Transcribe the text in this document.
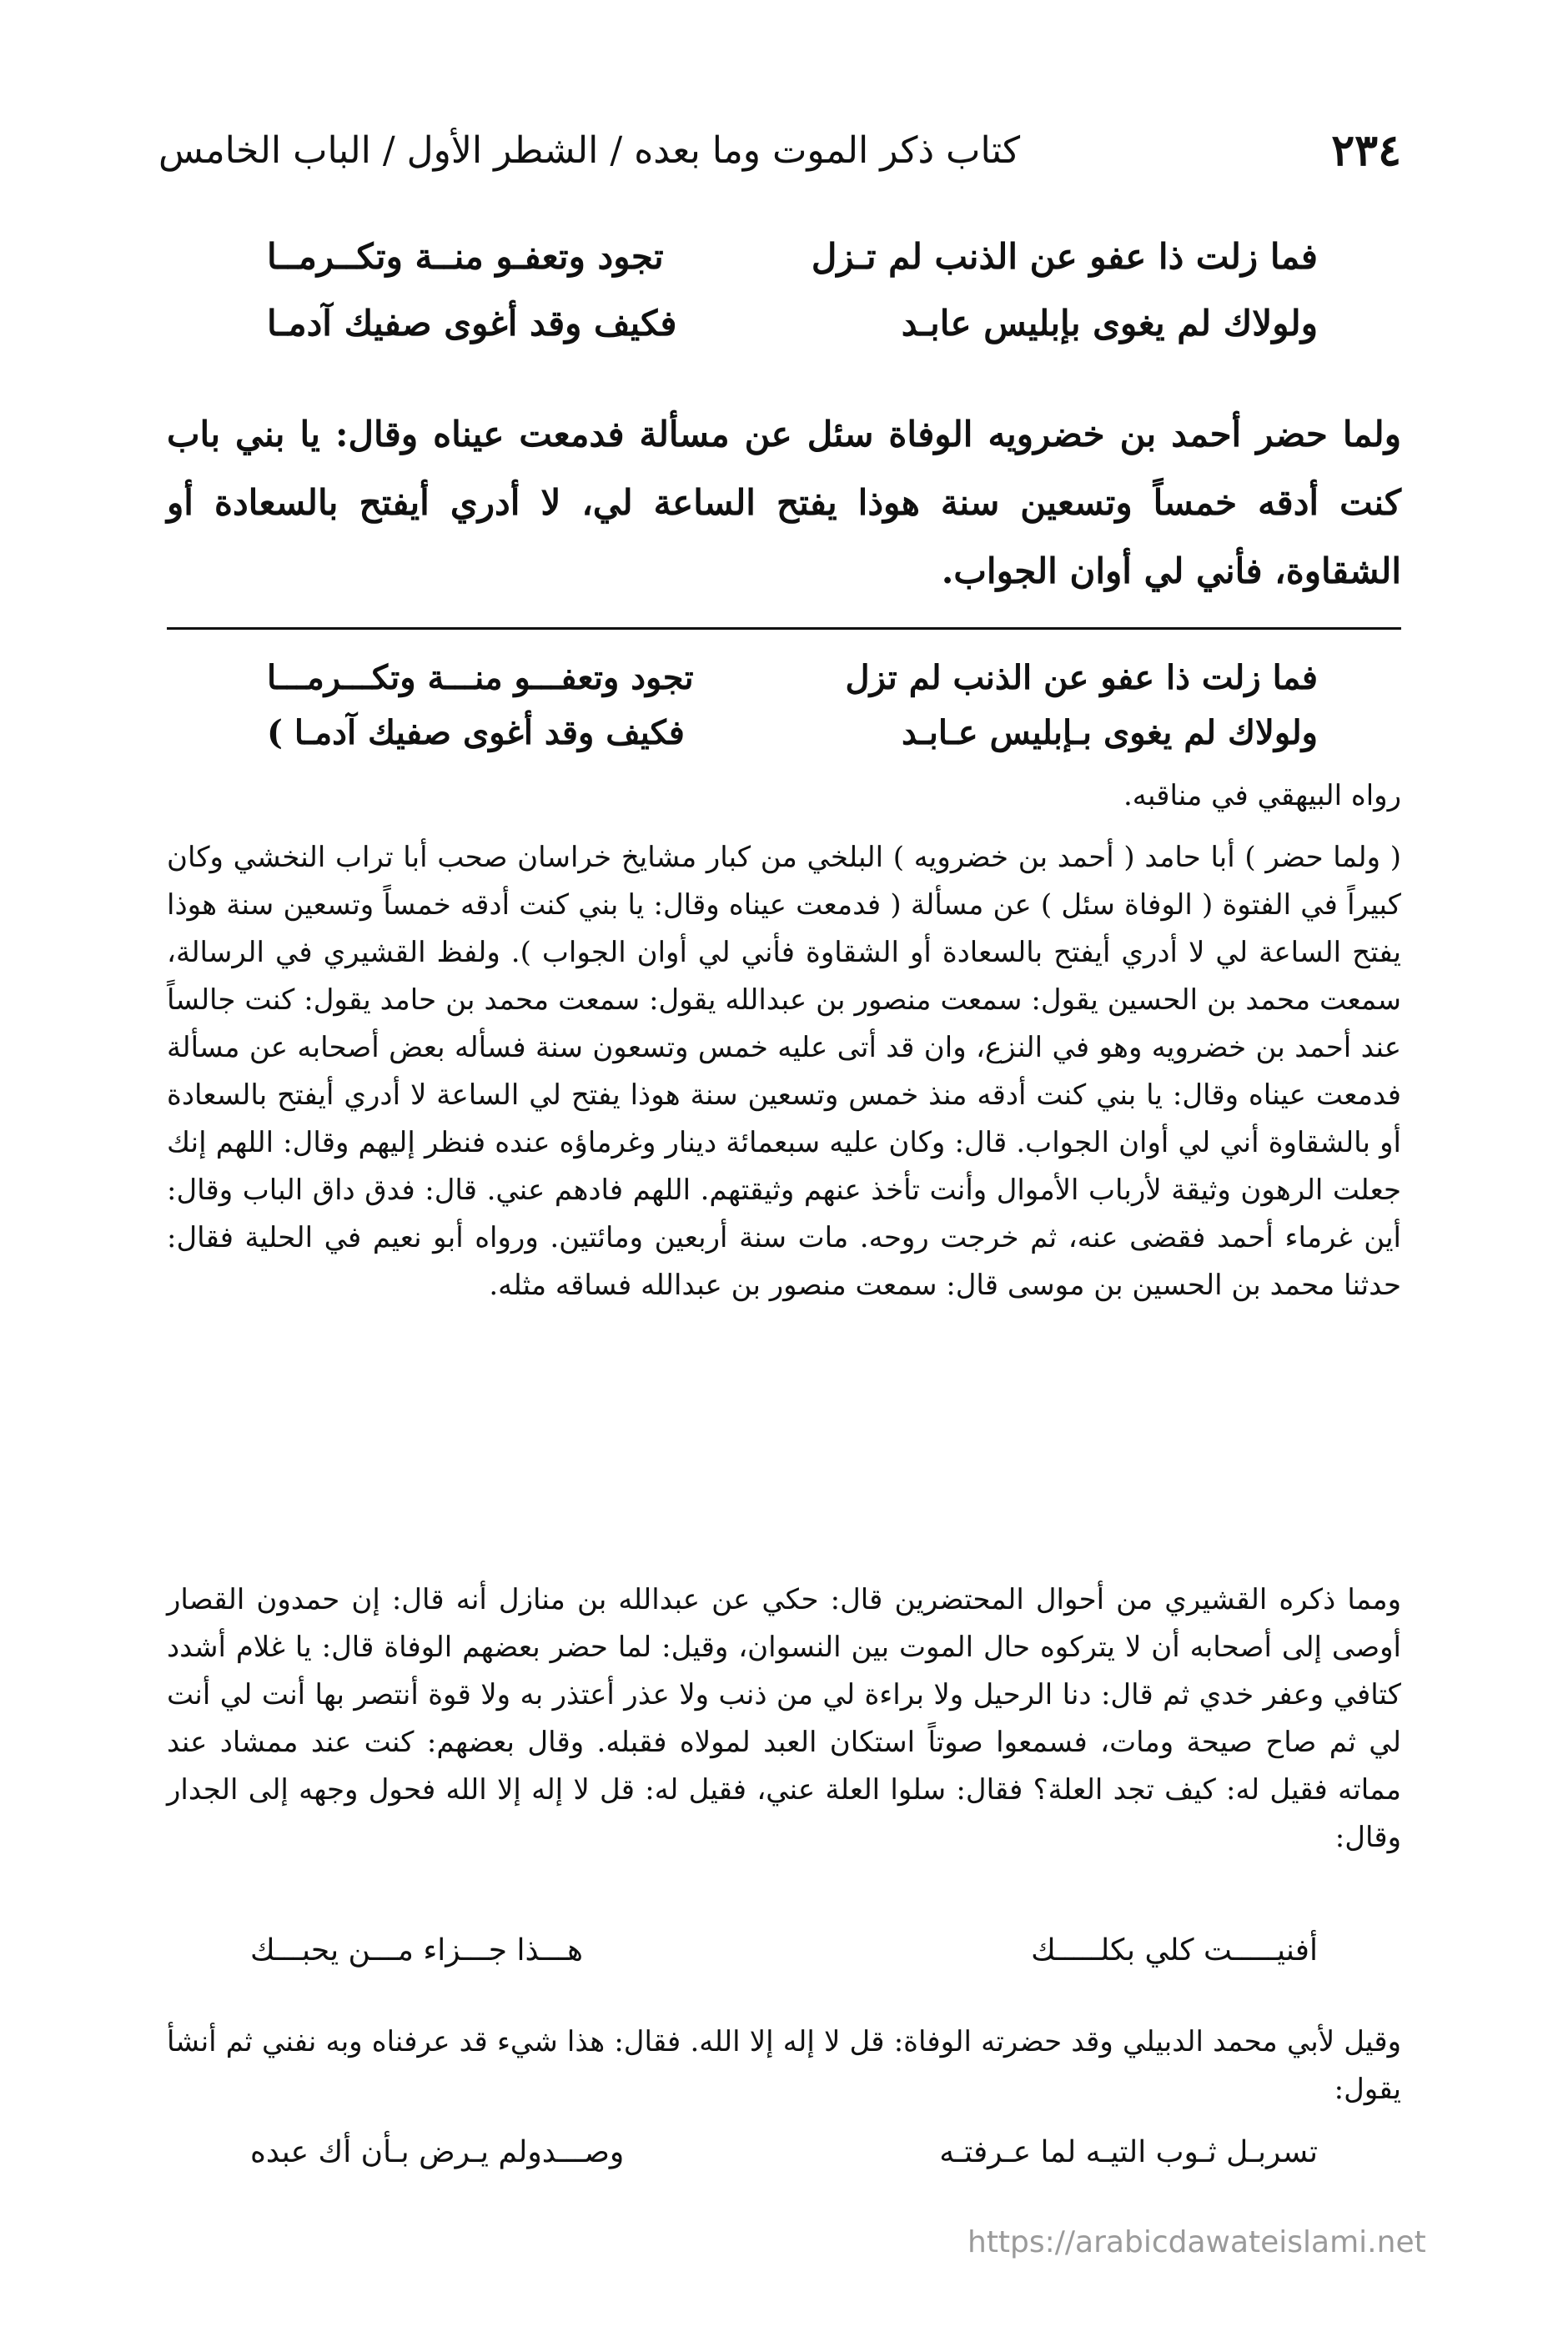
٢٣٤
كتاب ذكر الموت وما بعده / الشطر الأول / الباب الخامس
فما زلت ذا عفو عن الذنب لم تـزل
تجود وتعفـو منــة وتكــرمــا
ولولاك لم يغوى بإبليس عابـد
فكيف وقد أغوى صفيك آدمـا
ولما حضر أحمد بن خضرويه الوفاة سئل عن مسألة فدمعت عيناه وقال: يا بني باب كنت أدقه خمساً وتسعين سنة هوذا يفتح الساعة لي، لا أدري أيفتح بالسعادة أو الشقاوة، فأني لي أوان الجواب.
فما زلت ذا عفو عن الذنب لم تزل
تجود وتعفـــو منـــة وتكـــرمـــا
ولولاك لم يغوى بـإبليس عـابـد
فكيف وقد أغوى صفيك آدمـا )
رواه البيهقي في مناقبه.
( ولما حضر ) أبا حامد ( أحمد بن خضرويه ) البلخي من كبار مشايخ خراسان صحب أبا تراب النخشي وكان كبيراً في الفتوة ( الوفاة سئل ) عن مسألة ( فدمعت عيناه وقال: يا بني كنت أدقه خمساً وتسعين سنة هوذا يفتح الساعة لي لا أدري أيفتح بالسعادة أو الشقاوة فأني لي أوان الجواب ). ولفظ القشيري في الرسالة، سمعت محمد بن الحسين يقول: سمعت منصور بن عبدالله يقول: سمعت محمد بن حامد يقول: كنت جالساً عند أحمد بن خضرويه وهو في النزع، وان قد أتى عليه خمس وتسعون سنة فسأله بعض أصحابه عن مسألة فدمعت عيناه وقال: يا بني كنت أدقه منذ خمس وتسعين سنة هوذا يفتح لي الساعة لا أدري أيفتح بالسعادة أو بالشقاوة أني لي أوان الجواب. قال: وكان عليه سبعمائة دينار وغرماؤه عنده فنظر إليهم وقال: اللهم إنك جعلت الرهون وثيقة لأرباب الأموال وأنت تأخذ عنهم وثيقتهم. اللهم فادهم عني. قال: فدق داق الباب وقال: أين غرماء أحمد فقضى عنه، ثم خرجت روحه. مات سنة أربعين ومائتين. ورواه أبو نعيم في الحلية فقال: حدثنا محمد بن الحسين بن موسى قال: سمعت منصور بن عبدالله فساقه مثله.
ومما ذكره القشيري من أحوال المحتضرين قال: حكي عن عبدالله بن منازل أنه قال: إن حمدون القصار أوصى إلى أصحابه أن لا يتركوه حال الموت بين النسوان، وقيل: لما حضر بعضهم الوفاة قال: يا غلام أشدد كتافي وعفر خدي ثم قال: دنا الرحيل ولا براءة لي من ذنب ولا عذر أعتذر به ولا قوة أنتصر بها أنت لي أنت لي ثم صاح صيحة ومات، فسمعوا صوتاً استكان العبد لمولاه فقبله. وقال بعضهم: كنت عند ممشاد عند مماته فقيل له: كيف تجد العلة؟ فقال: سلوا العلة عني، فقيل له: قل لا إله إلا الله فحول وجهه إلى الجدار وقال:
أفنيـــــت كلي بكلـــــك
هـــذا جـــزاء مـــن يحبـــك
وقيل لأبي محمد الدبيلي وقد حضرته الوفاة: قل لا إله إلا الله. فقال: هذا شيء قد عرفناه وبه نفني ثم أنشأ يقول:
تسربـل ثـوب التيـه لما عـرفتـه
وصـــدولم يـرض بـأن أك عبده
https://arabicdawateislami.net
